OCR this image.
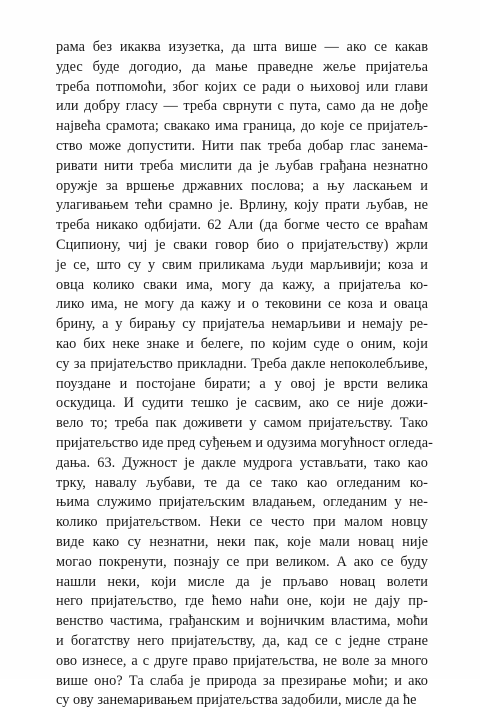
рама без икаква изузетка, да шта више — ако се какав
удес буде догодио, да мање праведне жеље пријатеља
треба потпомоћи, због којих се ради о њиховој или глави
или добру гласу — треба сврнути с пута, само да не дође
највећа срамота; свакако има граница, до које се пријатељ-
ство може допустити. Нити пак треба добар глас занема-
ривати нити треба мислити да је љубав грађана незнатно
оружје за вршење државних послова; а њу ласкањем и
улагивањем тећи срамно је. Врлину, коју прати љубав, не
треба никако одбијати. 62 Али (да богме често се враћам
Сципиону, чиј је сваки говор био о пријатељству) жрли
је се, што су у свим приликама људи марљивији; коза и
овца колико сваки има, могу да кажу, а пријатеља ко-
лико има, не могу да кажу и о тековини се коза и оваца
брину, а у бирању су пријатеља немарљиви и немају ре-
као бих неке знаке и белеге, по којим суде о оним, који
су за пријатељство прикладни. Треба дакле непоколебљиве,
поуздане и постојане бирати; а у овој је врсти велика
оскудица. И судити тешко је сасвим, ако се није дожи-
вело то; треба пак доживети у самом пријатељству. Тако
пријатељство иде пред суђењем и одузима могућност огледа-
дања. 63. Дужност је дакле мудрога устављати, тако као
трку, навалу љубави, те да се тако као огледаним ко-
њима служимо пријатељским владањем, огледаним у не-
колико пријатељством. Неки се често при малом новцу
виде како су незнатни, неки пак, које мали новац није
могао покренути, познају се при великом. А ако се буду
нашли неки, који мисле да је прљаво новац волети
него пријатељство, где ћемо наћи оне, који не дају пр-
венство частима, грађанским и војничким властима, моћи
и богатству него пријатељству, да, кад се с једне стране
ово изнесе, а с друге право пријатељства, не воле за много
више оно? Та слаба је природа за презирање моћи; и ако
су ову занемаривањем пријатељства задобили, мисле да ће
